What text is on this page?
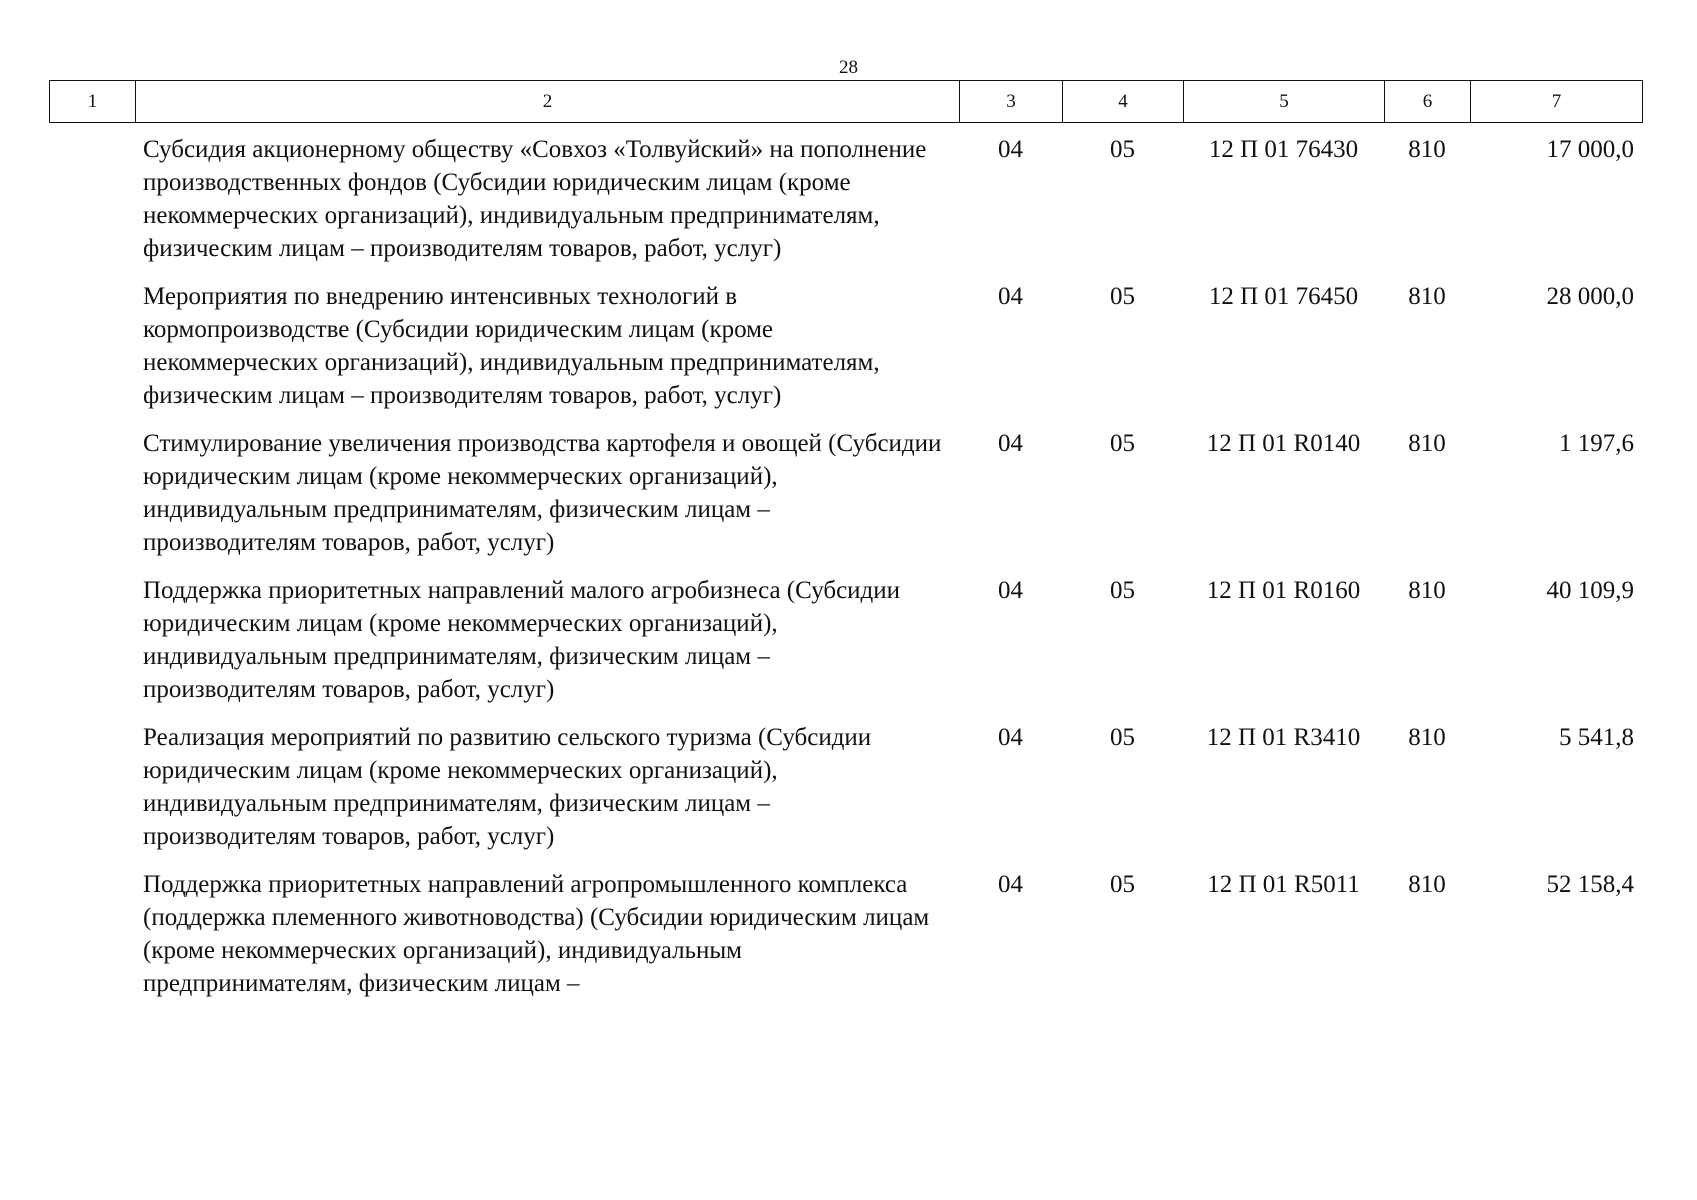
28
1	2	3	4	5	6	7
	Субсидия акционерному обществу «Совхоз «Толвуйский» на пополнение производственных фондов (Субсидии юридическим лицам (кроме некоммерческих организаций), индивидуальным предпринимателям, физическим лицам – производителям товаров, работ, услуг)	04	05	12 П 01 76430	810	17 000,0
	Мероприятия по внедрению интенсивных технологий в кормопроизводстве (Субсидии юридическим лицам (кроме некоммерческих организаций), индивидуальным предпринимателям, физическим лицам – производителям товаров, работ, услуг)	04	05	12 П 01 76450	810	28 000,0
	Стимулирование увеличения производства картофеля и овощей (Субсидии юридическим лицам (кроме некоммерческих организаций), индивидуальным предпринимателям, физическим лицам – производителям товаров, работ, услуг)	04	05	12 П 01 R0140	810	1 197,6
	Поддержка приоритетных направлений малого агробизнеса (Субсидии юридическим лицам (кроме некоммерческих организаций), индивидуальным предпринимателям, физическим лицам – производителям товаров, работ, услуг)	04	05	12 П 01 R0160	810	40 109,9
	Реализация мероприятий по развитию сельского туризма (Субсидии юридическим лицам (кроме некоммерческих организаций), индивидуальным предпринимателям, физическим лицам – производителям товаров, работ, услуг)	04	05	12 П 01 R3410	810	5 541,8
	Поддержка приоритетных направлений агропромышленного комплекса (поддержка племенного животноводства) (Субсидии юридическим лицам (кроме некоммерческих организаций), индивидуальным предпринимателям, физическим лицам –	04	05	12 П 01 R5011	810	52 158,4
